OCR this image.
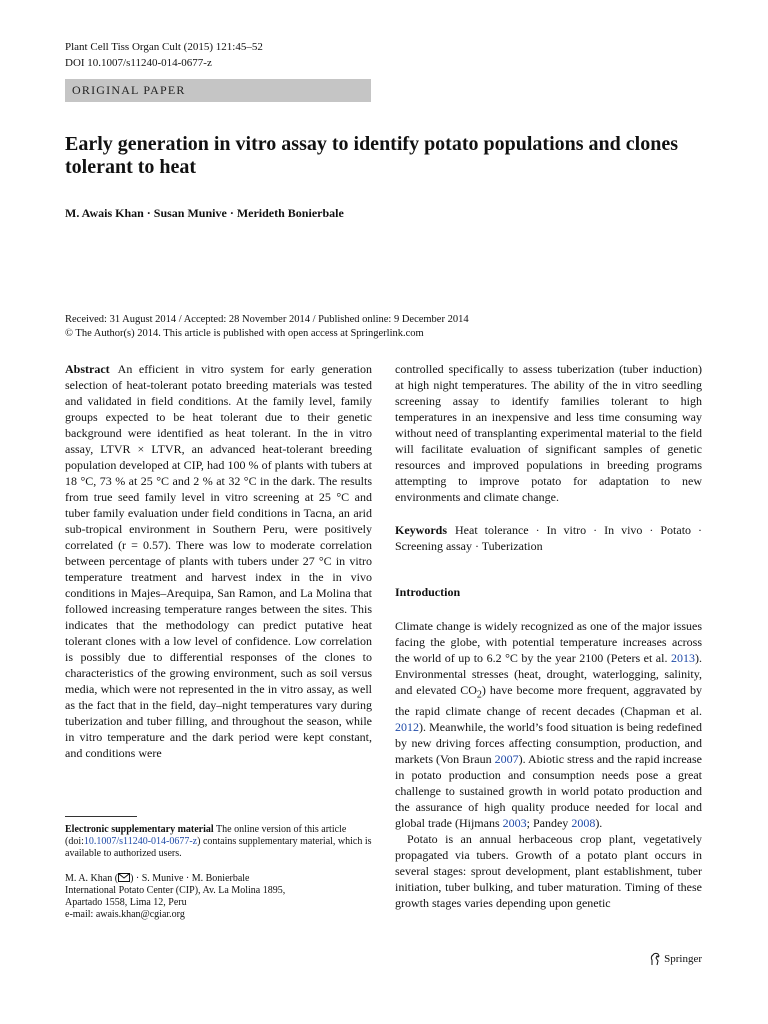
Plant Cell Tiss Organ Cult (2015) 121:45–52
DOI 10.1007/s11240-014-0677-z
ORIGINAL PAPER
Early generation in vitro assay to identify potato populations and clones tolerant to heat
M. Awais Khan · Susan Munive · Merideth Bonierbale
Received: 31 August 2014 / Accepted: 28 November 2014 / Published online: 9 December 2014
© The Author(s) 2014. This article is published with open access at Springerlink.com

Abstract An efficient in vitro system for early generation selection of heat-tolerant potato breeding materials was tested and validated in field conditions. At the family level, family groups expected to be heat tolerant due to their genetic background were identified as heat tolerant. In the in vitro assay, LTVR × LTVR, an advanced heat-tolerant breeding population developed at CIP, had 100 % of plants with tubers at 18 °C, 73 % at 25 °C and 2 % at 32 °C in the dark. The results from true seed family level in vitro screening at 25 °C and tuber family evaluation under field conditions in Tacna, an arid sub-tropical environment in Southern Peru, were positively correlated (r = 0.57). There was low to moderate correlation between percentage of plants with tubers under 27 °C in vitro temperature treatment and harvest index in the in vivo conditions in Majes–Arequipa, San Ramon, and La Molina that followed increasing temperature ranges between the sites. This indicates that the methodology can predict putative heat tolerant clones with a low level of confidence. Low correlation is possibly due to differential responses of the clones to characteristics of the growing environment, such as soil versus media, which were not represented in the in vitro assay, as well as the fact that in the field, day–night temperatures vary during tuberization and tuber filling, and throughout the season, while in vitro temperature and the dark period were kept constant, and conditions were

controlled specifically to assess tuberization (tuber induction) at high night temperatures. The ability of the in vitro seedling screening assay to identify families tolerant to high temperatures in an inexpensive and less time consuming way without need of transplanting experimental material to the field will facilitate evaluation of significant samples of genetic resources and improved populations in breeding programs attempting to improve potato for adaptation to new environments and climate change.

Keywords Heat tolerance · In vitro · In vivo · Potato · Screening assay · Tuberization

Introduction

Climate change is widely recognized as one of the major issues facing the globe, with potential temperature increases across the world of up to 6.2 °C by the year 2100 (Peters et al. 2013). Environmental stresses (heat, drought, waterlogging, salinity, and elevated $CO_2$) have become more frequent, aggravated by the rapid climate change of recent decades (Chapman et al. 2012). Meanwhile, the world’s food situation is being redefined by new driving forces affecting consumption, production, and markets (Von Braun 2007). Abiotic stress and the rapid increase in potato production and consumption needs pose a great challenge to sustained growth in world potato production and the assurance of high quality produce needed for local and global trade (Hijmans 2003; Pandey 2008).

Potato is an annual herbaceous crop plant, vegetatively propagated via tubers. Growth of a potato plant occurs in several stages: sprout development, plant establishment, tuber initiation, tuber bulking, and tuber maturation. Timing of these growth stages varies depending upon genetic

Electronic supplementary material The online version of this article (doi:10.1007/s11240-014-0677-z) contains supplementary material, which is available to authorized users.
M. A. Khan ( ) · S. Munive · M. Bonierbale
International Potato Center (CIP), Av. La Molina 1895,
Apartado 1558, Lima 12, Peru
e-mail: awais.khan@cgiar.org
Springer
